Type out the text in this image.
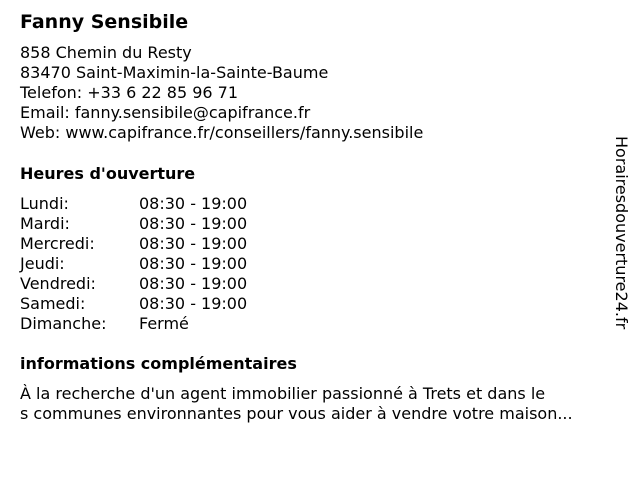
Fanny Sensibile
858 Chemin du Resty
83470 Saint-Maximin-la-Sainte-Baume
Telefon: +33 6 22 85 96 71
Email: fanny.sensibile@capifrance.fr
Web: www.capifrance.fr/conseillers/fanny.sensibile
Heures d'ouverture
Lundi:	08:30 - 19:00
Mardi:	08:30 - 19:00
Mercredi:	08:30 - 19:00
Jeudi:	08:30 - 19:00
Vendredi:	08:30 - 19:00
Samedi:	08:30 - 19:00
Dimanche: Fermé
informations complémentaires
À la recherche d'un agent immobilier passionné à Trets et dans le
s communes environnantes pour vous aider à vendre votre maison...
Horairesdouverture24.fr
